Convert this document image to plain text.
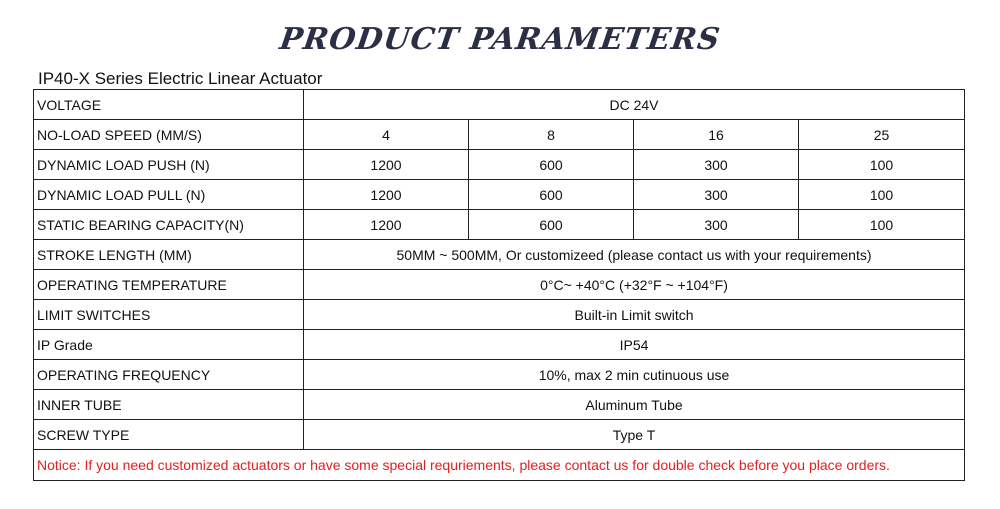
PRODUCT PARAMETERS
IP40-X Series Electric Linear Actuator
VOLTAGE	DC 24V			
NO-LOAD SPEED (MM/S)	4	8	16	25
DYNAMIC LOAD PUSH (N)	1200	600	300	100
DYNAMIC LOAD PULL (N)	1200	600	300	100
STATIC BEARING CAPACITY(N)	1200	600	300	100
STROKE LENGTH (MM)	50MM ~ 500MM, Or customizeed (please contact us with your requirements)			
OPERATING TEMPERATURE	0°C~ +40°C (+32°F ~ +104°F)			
LIMIT SWITCHES	Built-in Limit switch			
IP Grade	IP54			
OPERATING FREQUENCY	10%, max 2 min cutinuous use			
INNER TUBE	Aluminum Tube			
SCREW TYPE	Type T			
Notice: If you need customized actuators or have some special requriements, please contact us for double check before you place orders.				
